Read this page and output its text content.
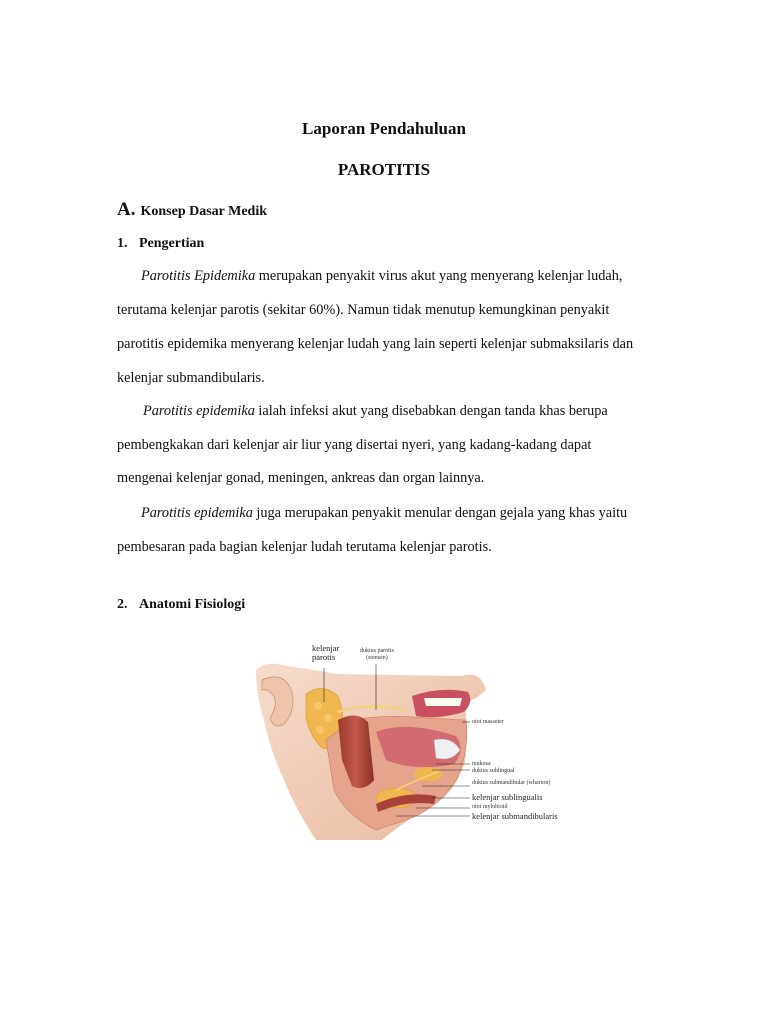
Laporan Pendahuluan
PAROTITIS
A. Konsep Dasar Medik
1. Pengertian
Parotitis Epidemika merupakan penyakit virus akut yang menyerang kelenjar ludah,
terutama kelenjar parotis (sekitar 60%). Namun tidak menutup kemungkinan penyakit
parotitis epidemika menyerang kelenjar ludah yang lain seperti kelenjar submaksilaris dan
kelenjar submandibularis.
Parotitis epidemika ialah infeksi akut yang disebabkan dengan tanda khas berupa
pembengkakan dari kelenjar air liur yang disertai nyeri, yang kadang-kadang dapat
mengenai kelenjar gonad, meningen, ankreas dan organ lainnya.
Parotitis epidemika juga merupakan penyakit menular dengan gejala yang khas yaitu
pembesaran pada bagian kelenjar ludah terutama kelenjar parotis.
2. Anatomi Fisiologi
kelenjar
parotis
duktus parotis
(stensen)
otot masseter
mukosa
duktus sublingual
duktus submandibular (wharton)
kelenjar sublingualis
otot mylohioid
kelenjar submandibularis
